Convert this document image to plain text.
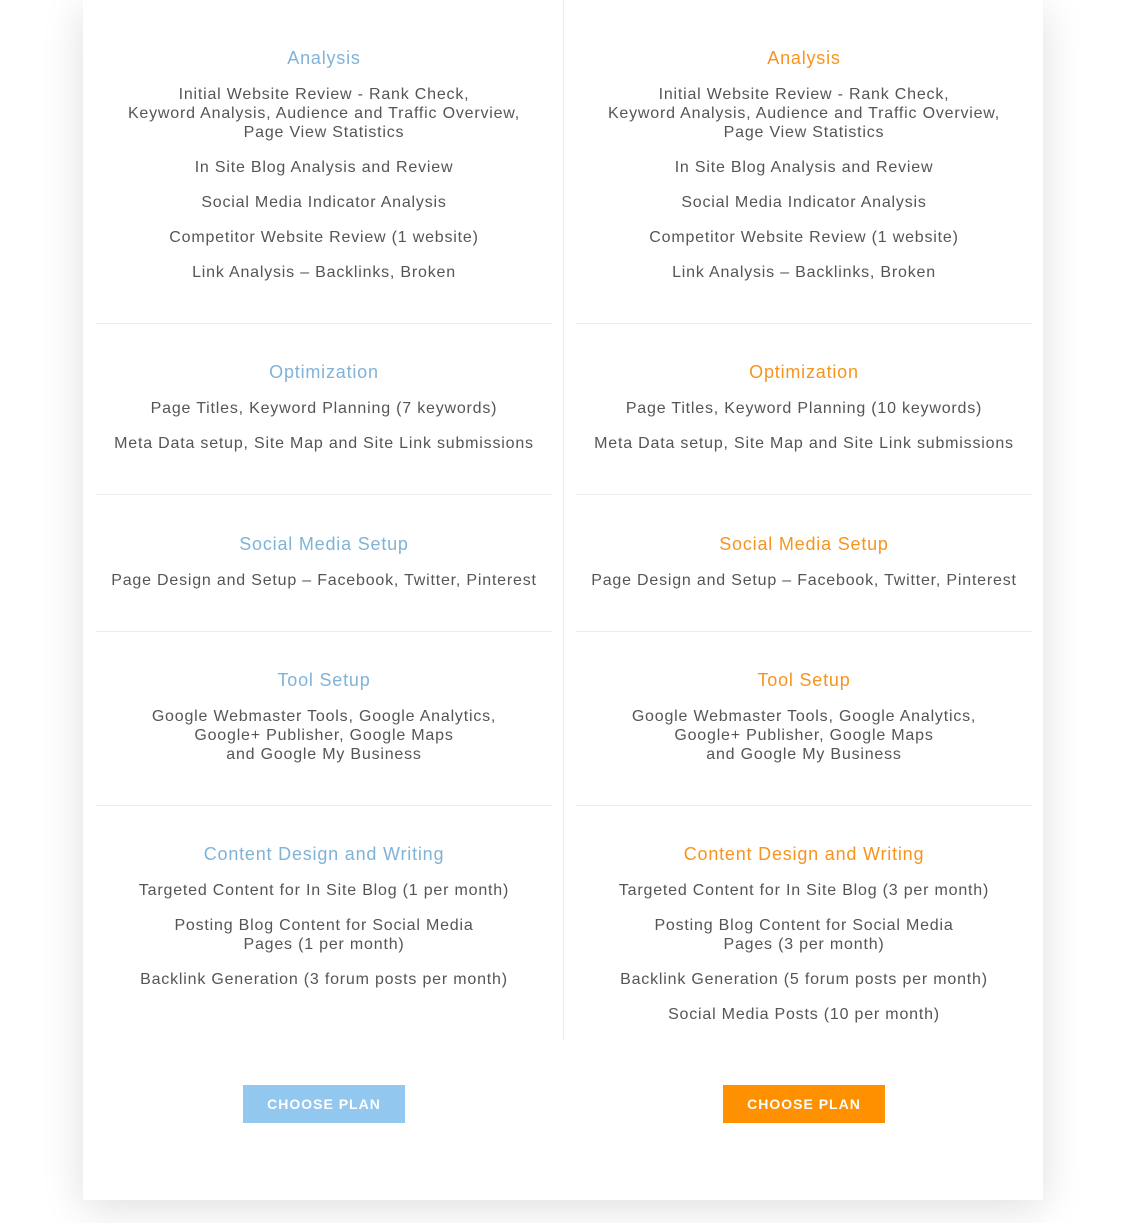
Analysis
Initial Website Review - Rank Check,
Keyword Analysis, Audience and Traffic Overview,
Page View Statistics
In Site Blog Analysis and Review
Social Media Indicator Analysis
Competitor Website Review (1 website)
Link Analysis – Backlinks, Broken
Optimization
Page Titles, Keyword Planning (7 keywords)
Meta Data setup, Site Map and Site Link submissions
Social Media Setup
Page Design and Setup – Facebook, Twitter, Pinterest
Tool Setup
Google Webmaster Tools, Google Analytics,
Google+ Publisher, Google Maps
and Google My Business
Content Design and Writing
Targeted Content for In Site Blog (1 per month)
Posting Blog Content for Social Media
Pages (1 per month)
Backlink Generation (3 forum posts per month)
CHOOSE PLAN
Analysis
Initial Website Review - Rank Check,
Keyword Analysis, Audience and Traffic Overview,
Page View Statistics
In Site Blog Analysis and Review
Social Media Indicator Analysis
Competitor Website Review (1 website)
Link Analysis – Backlinks, Broken
Optimization
Page Titles, Keyword Planning (10 keywords)
Meta Data setup, Site Map and Site Link submissions
Social Media Setup
Page Design and Setup – Facebook, Twitter, Pinterest
Tool Setup
Google Webmaster Tools, Google Analytics,
Google+ Publisher, Google Maps
and Google My Business
Content Design and Writing
Targeted Content for In Site Blog (3 per month)
Posting Blog Content for Social Media
Pages (3 per month)
Backlink Generation (5 forum posts per month)
Social Media Posts (10 per month)
CHOOSE PLAN
